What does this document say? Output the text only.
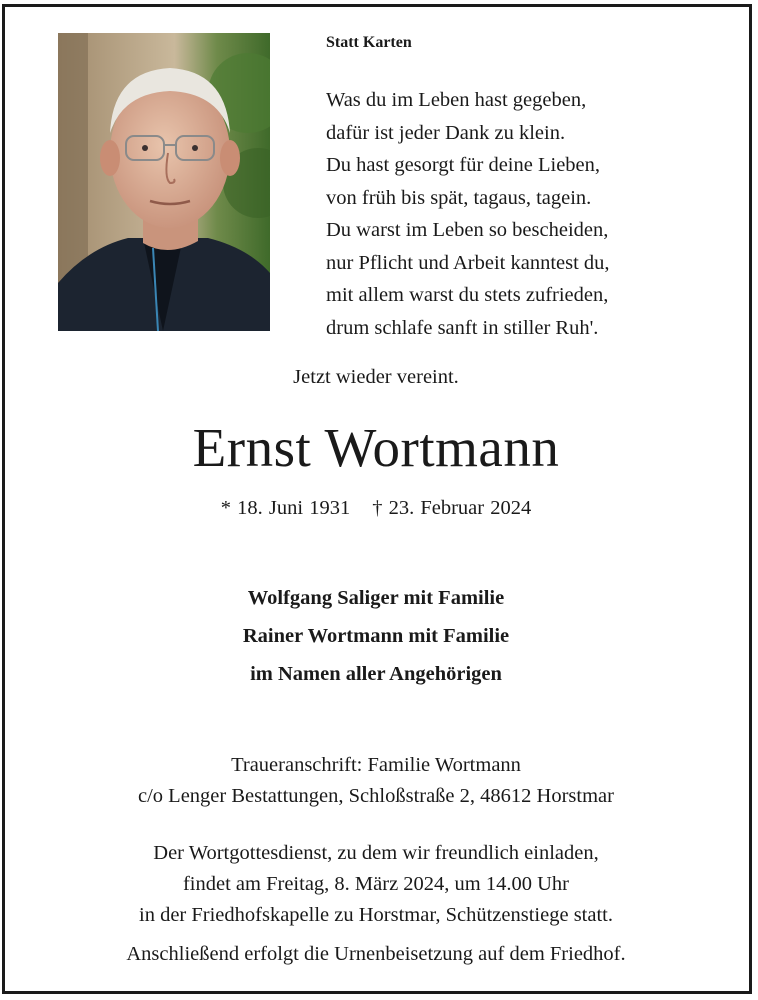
Statt Karten
Was du im Leben hast gegeben,
dafür ist jeder Dank zu klein.
Du hast gesorgt für deine Lieben,
von früh bis spät, tagaus, tagein.
Du warst im Leben so bescheiden,
nur Pflicht und Arbeit kanntest du,
mit allem warst du stets zufrieden,
drum schlafe sanft in stiller Ruh'.
Jetzt wieder vereint.
Ernst Wortmann
* 18. Juni 1931 † 23. Februar 2024
Wolfgang Saliger mit Familie
Rainer Wortmann mit Familie
im Namen aller Angehörigen
Traueranschrift: Familie Wortmann
c/o Lenger Bestattungen, Schloßstraße 2, 48612 Horstmar
Der Wortgottesdienst, zu dem wir freundlich einladen,
findet am Freitag, 8. März 2024, um 14.00 Uhr
in der Friedhofskapelle zu Horstmar, Schützenstiege statt.
Anschließend erfolgt die Urnenbeisetzung auf dem Friedhof.
